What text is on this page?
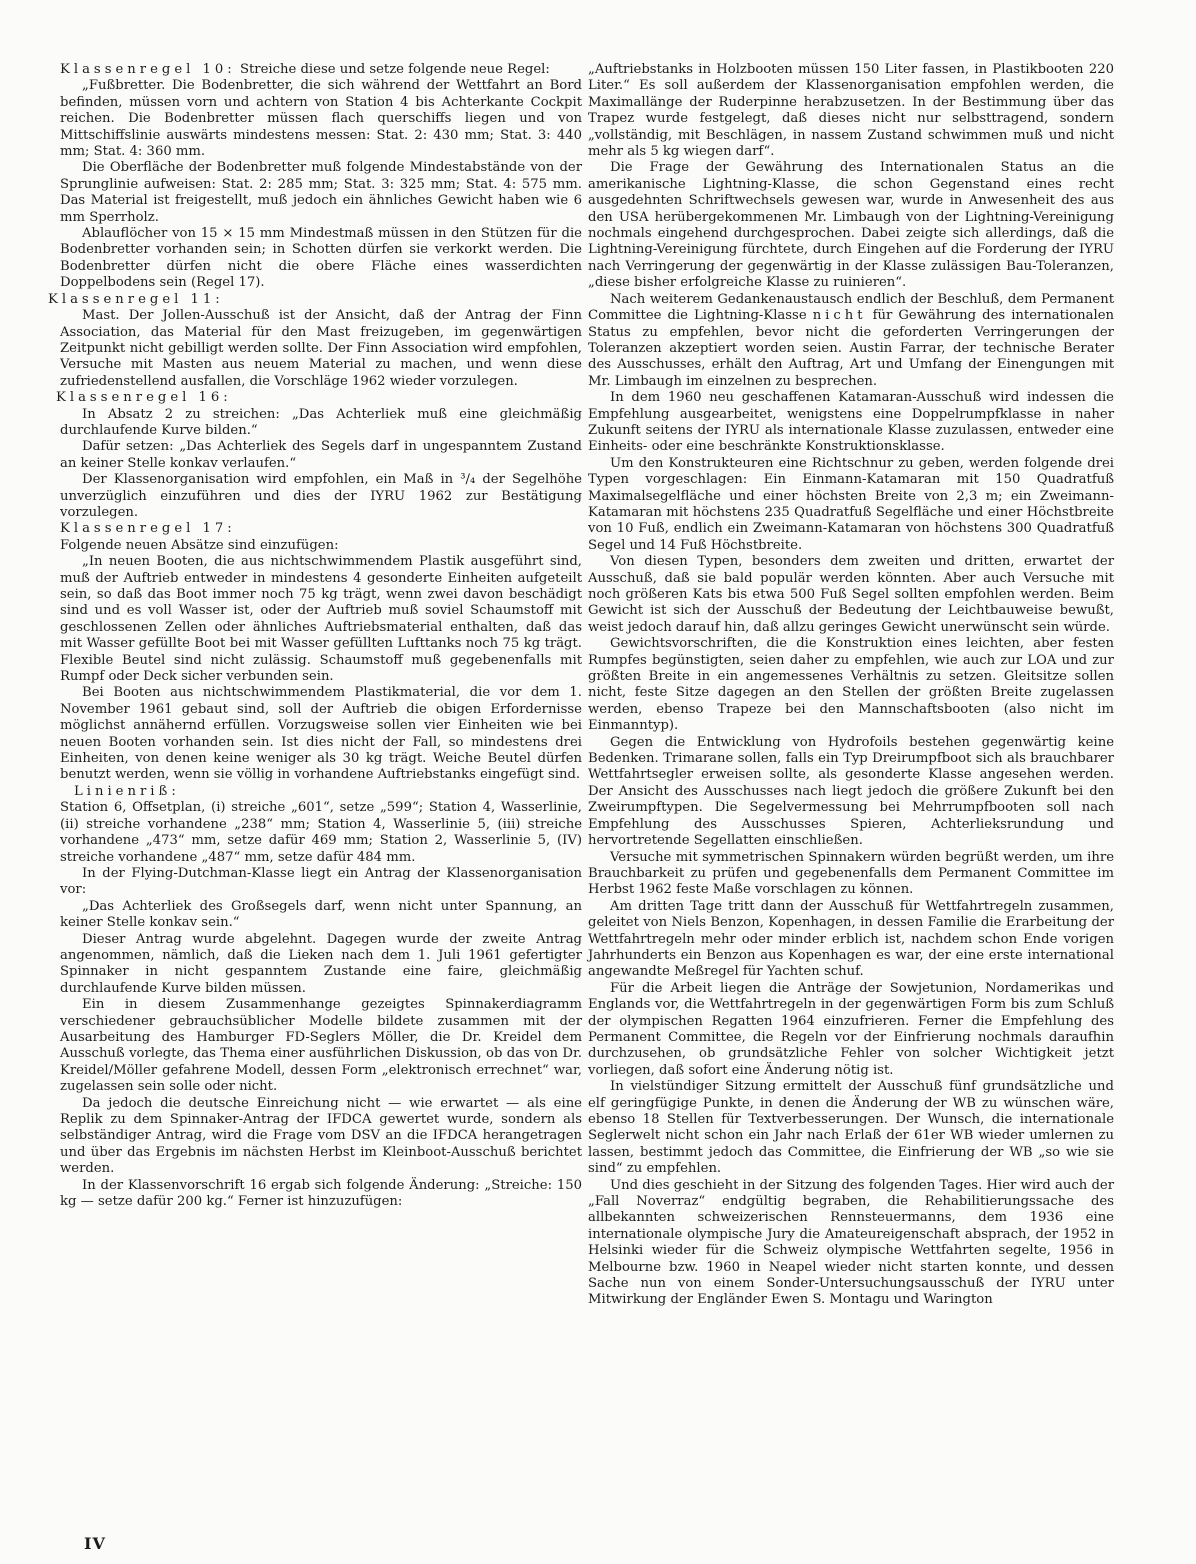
Klassenregel 10: Streiche diese und setze folgende neue Regel:

„Fußbretter. Die Bodenbretter, die sich während der Wettfahrt an Bord befinden, müssen vorn und achtern von Station 4 bis Achterkante Cockpit reichen. Die Bodenbretter müssen flach querschiffs liegen und von Mittschiffslinie auswärts mindestens messen: Stat. 2: 430 mm; Stat. 3: 440 mm; Stat. 4: 360 mm.

Die Oberfläche der Bodenbretter muß folgende Mindestabstände von der Sprunglinie aufweisen: Stat. 2: 285 mm; Stat. 3: 325 mm; Stat. 4: 575 mm. Das Material ist freigestellt, muß jedoch ein ähnliches Gewicht haben wie 6 mm Sperrholz.

Ablauflöcher von 15 × 15 mm Mindestmaß müssen in den Stützen für die Bodenbretter vorhanden sein; in Schotten dürfen sie verkorkt werden. Die Bodenbretter dürfen nicht die obere Fläche eines wasserdichten Doppelbodens sein (Regel 17).

Klassenregel 11:

Mast. Der Jollen-Ausschuß ist der Ansicht, daß der Antrag der Finn Association, das Material für den Mast freizugeben, im gegenwärtigen Zeitpunkt nicht gebilligt werden sollte. Der Finn Association wird empfohlen, Versuche mit Masten aus neuem Material zu machen, und wenn diese zufriedenstellend ausfallen, die Vorschläge 1962 wieder vorzulegen.

Klassenregel 16:

In Absatz 2 zu streichen: „Das Achterliek muß eine gleichmäßig durchlaufende Kurve bilden.“

Dafür setzen: „Das Achterliek des Segels darf in ungespanntem Zustand an keiner Stelle konkav verlaufen.“

Der Klassenorganisation wird empfohlen, ein Maß in ³/₄ der Segelhöhe unverzüglich einzuführen und dies der IYRU 1962 zur Bestätigung vorzulegen.

Klassenregel 17:

Folgende neuen Absätze sind einzufügen:

„In neuen Booten, die aus nichtschwimmendem Plastik ausgeführt sind, muß der Auftrieb entweder in mindestens 4 gesonderte Einheiten aufgeteilt sein, so daß das Boot immer noch 75 kg trägt, wenn zwei davon beschädigt sind und es voll Wasser ist, oder der Auftrieb muß soviel Schaumstoff mit geschlossenen Zellen oder ähnliches Auftriebsmaterial enthalten, daß das mit Wasser gefüllte Boot bei mit Wasser gefüllten Lufttanks noch 75 kg trägt. Flexible Beutel sind nicht zulässig. Schaumstoff muß gegebenenfalls mit Rumpf oder Deck sicher verbunden sein.

Bei Booten aus nichtschwimmendem Plastikmaterial, die vor dem 1. November 1961 gebaut sind, soll der Auftrieb die obigen Erfordernisse möglichst annähernd erfüllen. Vorzugsweise sollen vier Einheiten wie bei neuen Booten vorhanden sein. Ist dies nicht der Fall, so mindestens drei Einheiten, von denen keine weniger als 30 kg trägt. Weiche Beutel dürfen benutzt werden, wenn sie völlig in vorhandene Auftriebstanks eingefügt sind.

Linienriß:

Station 6, Offsetplan, (i) streiche „601“, setze „599“; Station 4, Wasserlinie, (ii) streiche vorhandene „238“ mm; Station 4, Wasserlinie 5, (iii) streiche vorhandene „473“ mm, setze dafür 469 mm; Station 2, Wasserlinie 5, (IV) streiche vorhandene „487“ mm, setze dafür 484 mm.

In der Flying-Dutchman-Klasse liegt ein Antrag der Klassenorganisation vor:

„Das Achterliek des Großsegels darf, wenn nicht unter Spannung, an keiner Stelle konkav sein.“

Dieser Antrag wurde abgelehnt. Dagegen wurde der zweite Antrag angenommen, nämlich, daß die Lieken nach dem 1. Juli 1961 gefertigter Spinnaker in nicht gespanntem Zustande eine faire, gleichmäßig durchlaufende Kurve bilden müssen.

Ein in diesem Zusammenhange gezeigtes Spinnakerdiagramm verschiedener gebrauchsüblicher Modelle bildete zusammen mit der Ausarbeitung des Hamburger FD-Seglers Möller, die Dr. Kreidel dem Ausschuß vorlegte, das Thema einer ausführlichen Diskussion, ob das von Dr. Kreidel/Möller gefahrene Modell, dessen Form „elektronisch errechnet“ war, zugelassen sein solle oder nicht.

Da jedoch die deutsche Einreichung nicht — wie erwartet — als eine Replik zu dem Spinnaker-Antrag der IFDCA gewertet wurde, sondern als selbständiger Antrag, wird die Frage vom DSV an die IFDCA herangetragen und über das Ergebnis im nächsten Herbst im Kleinboot-Ausschuß berichtet werden.

In der Klassenvorschrift 16 ergab sich folgende Änderung: „Streiche: 150 kg — setze dafür 200 kg.“ Ferner ist hinzuzufügen:

„Auftriebstanks in Holzbooten müssen 150 Liter fassen, in Plastikbooten 220 Liter.“ Es soll außerdem der Klassenorganisation empfohlen werden, die Maximallänge der Ruderpinne herabzusetzen. In der Bestimmung über das Trapez wurde festgelegt, daß dieses nicht nur selbsttragend, sondern „vollständig, mit Beschlägen, in nassem Zustand schwimmen muß und nicht mehr als 5 kg wiegen darf“.

Die Frage der Gewährung des Internationalen Status an die amerikanische Lightning-Klasse, die schon Gegenstand eines recht ausgedehnten Schriftwechsels gewesen war, wurde in Anwesenheit des aus den USA herübergekommenen Mr. Limbaugh von der Lightning-Vereinigung nochmals eingehend durchgesprochen. Dabei zeigte sich allerdings, daß die Lightning-Vereinigung fürchtete, durch Eingehen auf die Forderung der IYRU nach Verringerung der gegenwärtig in der Klasse zulässigen Bau-Toleranzen, „diese bisher erfolgreiche Klasse zu ruinieren“.

Nach weiterem Gedankenaustausch endlich der Beschluß, dem Permanent Committee die Lightning-Klasse nicht für Gewährung des internationalen Status zu empfehlen, bevor nicht die geforderten Verringerungen der Toleranzen akzeptiert worden seien. Austin Farrar, der technische Berater des Ausschusses, erhält den Auftrag, Art und Umfang der Einengungen mit Mr. Limbaugh im einzelnen zu besprechen.

In dem 1960 neu geschaffenen Katamaran-Ausschuß wird indessen die Empfehlung ausgearbeitet, wenigstens eine Doppelrumpfklasse in naher Zukunft seitens der IYRU als internationale Klasse zuzulassen, entweder eine Einheits- oder eine beschränkte Konstruktionsklasse.

Um den Konstrukteuren eine Richtschnur zu geben, werden folgende drei Typen vorgeschlagen: Ein Einmann-Katamaran mit 150 Quadratfuß Maximalsegelfläche und einer höchsten Breite von 2,3 m; ein Zweimann-Katamaran mit höchstens 235 Quadratfuß Segelfläche und einer Höchstbreite von 10 Fuß, endlich ein Zweimann-Katamaran von höchstens 300 Quadratfuß Segel und 14 Fuß Höchstbreite.

Von diesen Typen, besonders dem zweiten und dritten, erwartet der Ausschuß, daß sie bald populär werden könnten. Aber auch Versuche mit noch größeren Kats bis etwa 500 Fuß Segel sollten empfohlen werden. Beim Gewicht ist sich der Ausschuß der Bedeutung der Leichtbauweise bewußt, weist jedoch darauf hin, daß allzu geringes Gewicht unerwünscht sein würde.

Gewichtsvorschriften, die die Konstruktion eines leichten, aber festen Rumpfes begünstigten, seien daher zu empfehlen, wie auch zur LOA und zur größten Breite in ein angemessenes Verhältnis zu setzen. Gleitsitze sollen nicht, feste Sitze dagegen an den Stellen der größten Breite zugelassen werden, ebenso Trapeze bei den Mannschaftsbooten (also nicht im Einmanntyp).

Gegen die Entwicklung von Hydrofoils bestehen gegenwärtig keine Bedenken. Trimarane sollen, falls ein Typ Dreirumpfboot sich als brauchbarer Wettfahrtsegler erweisen sollte, als gesonderte Klasse angesehen werden. Der Ansicht des Ausschusses nach liegt jedoch die größere Zukunft bei den Zweirumpftypen. Die Segelvermessung bei Mehrrumpfbooten soll nach Empfehlung des Ausschusses Spieren, Achterlieksrundung und hervortretende Segellatten einschließen.

Versuche mit symmetrischen Spinnakern würden begrüßt werden, um ihre Brauchbarkeit zu prüfen und gegebenenfalls dem Permanent Committee im Herbst 1962 feste Maße vorschlagen zu können.

Am dritten Tage tritt dann der Ausschuß für Wettfahrtregeln zusammen, geleitet von Niels Benzon, Kopenhagen, in dessen Familie die Erarbeitung der Wettfahrtregeln mehr oder minder erblich ist, nachdem schon Ende vorigen Jahrhunderts ein Benzon aus Kopenhagen es war, der eine erste international angewandte Meßregel für Yachten schuf.

Für die Arbeit liegen die Anträge der Sowjetunion, Nordamerikas und Englands vor, die Wettfahrtregeln in der gegenwärtigen Form bis zum Schluß der olympischen Regatten 1964 einzufrieren. Ferner die Empfehlung des Permanent Committee, die Regeln vor der Einfrierung nochmals daraufhin durchzusehen, ob grundsätzliche Fehler von solcher Wichtigkeit jetzt vorliegen, daß sofort eine Änderung nötig ist.

In vielstündiger Sitzung ermittelt der Ausschuß fünf grundsätzliche und elf geringfügige Punkte, in denen die Änderung der WB zu wünschen wäre, ebenso 18 Stellen für Textverbesserungen. Der Wunsch, die internationale Seglerwelt nicht schon ein Jahr nach Erlaß der 61er WB wieder umlernen zu lassen, bestimmt jedoch das Committee, die Einfrierung der WB „so wie sie sind“ zu empfehlen.

Und dies geschieht in der Sitzung des folgenden Tages. Hier wird auch der „Fall Noverraz“ endgültig begraben, die Rehabilitierungssache des allbekannten schweizerischen Rennsteuermanns, dem 1936 eine internationale olympische Jury die Amateureigenschaft absprach, der 1952 in Helsinki wieder für die Schweiz olympische Wettfahrten segelte, 1956 in Melbourne bzw. 1960 in Neapel wieder nicht starten konnte, und dessen Sache nun von einem Sonder-Untersuchungsausschuß der IYRU unter Mitwirkung der Engländer Ewen S. Montagu und Warington

IV
